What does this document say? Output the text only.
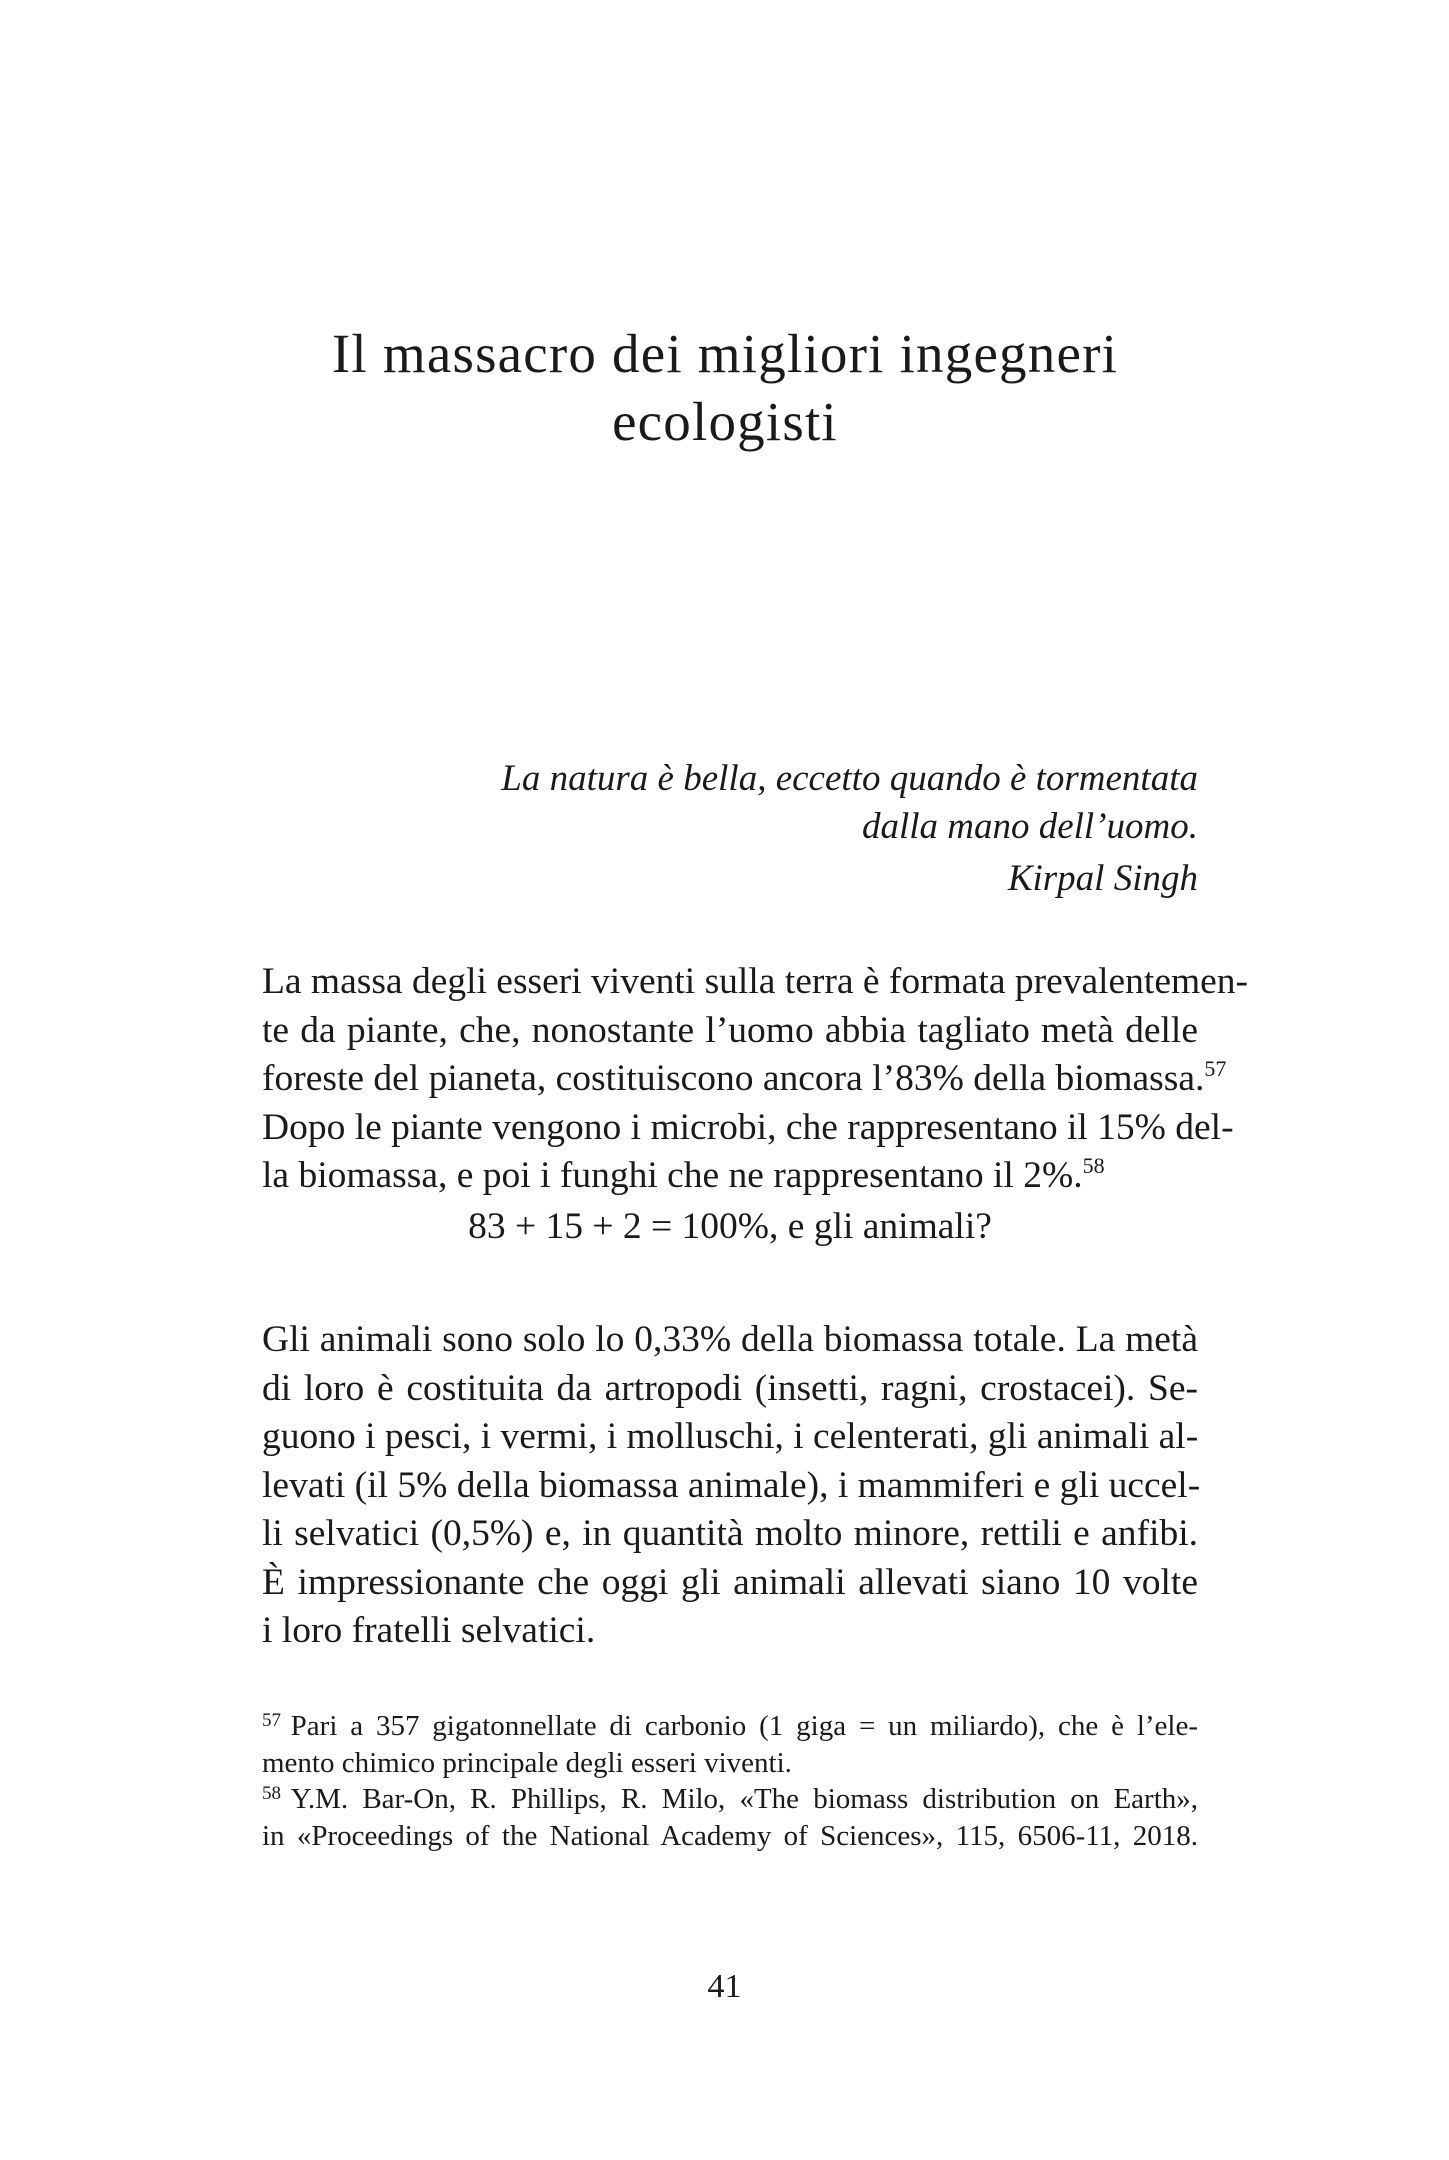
Il massacro dei migliori ingegneri
ecologisti
La natura è bella, eccetto quando è tormentata
dalla mano dell’uomo.
Kirpal Singh
La massa degli esseri viventi sulla terra è formata prevalentemen-
te da piante, che, nonostante l’uomo abbia tagliato metà delle
foreste del pianeta, costituiscono ancora l’83% della biomassa.$^{57}$
Dopo le piante vengono i microbi, che rappresentano il 15% del-
la biomassa, e poi i funghi che ne rappresentano il 2%.$^{58}$
83 + 15 + 2 = 100%, e gli animali?
Gli animali sono solo lo 0,33% della biomassa totale. La metà
di loro è costituita da artropodi (insetti, ragni, crostacei). Se-
guono i pesci, i vermi, i molluschi, i celenterati, gli animali al-
levati (il 5% della biomassa animale), i mammiferi e gli uccel-
li selvatici (0,5%) e, in quantità molto minore, rettili e anfibi.
È impressionante che oggi gli animali allevati siano 10 volte
i loro fratelli selvatici.
$^{57}$  Pari a 357 gigatonnellate di carbonio (1 giga = un miliardo), che è l’ele-
mento chimico principale degli esseri viventi.
$^{58}$  Y.M. Bar-On, R. Phillips, R. Milo, «The biomass distribution on Earth»,
in «Proceedings of the National Academy of Sciences», 115, 6506-11, 2018.
41
